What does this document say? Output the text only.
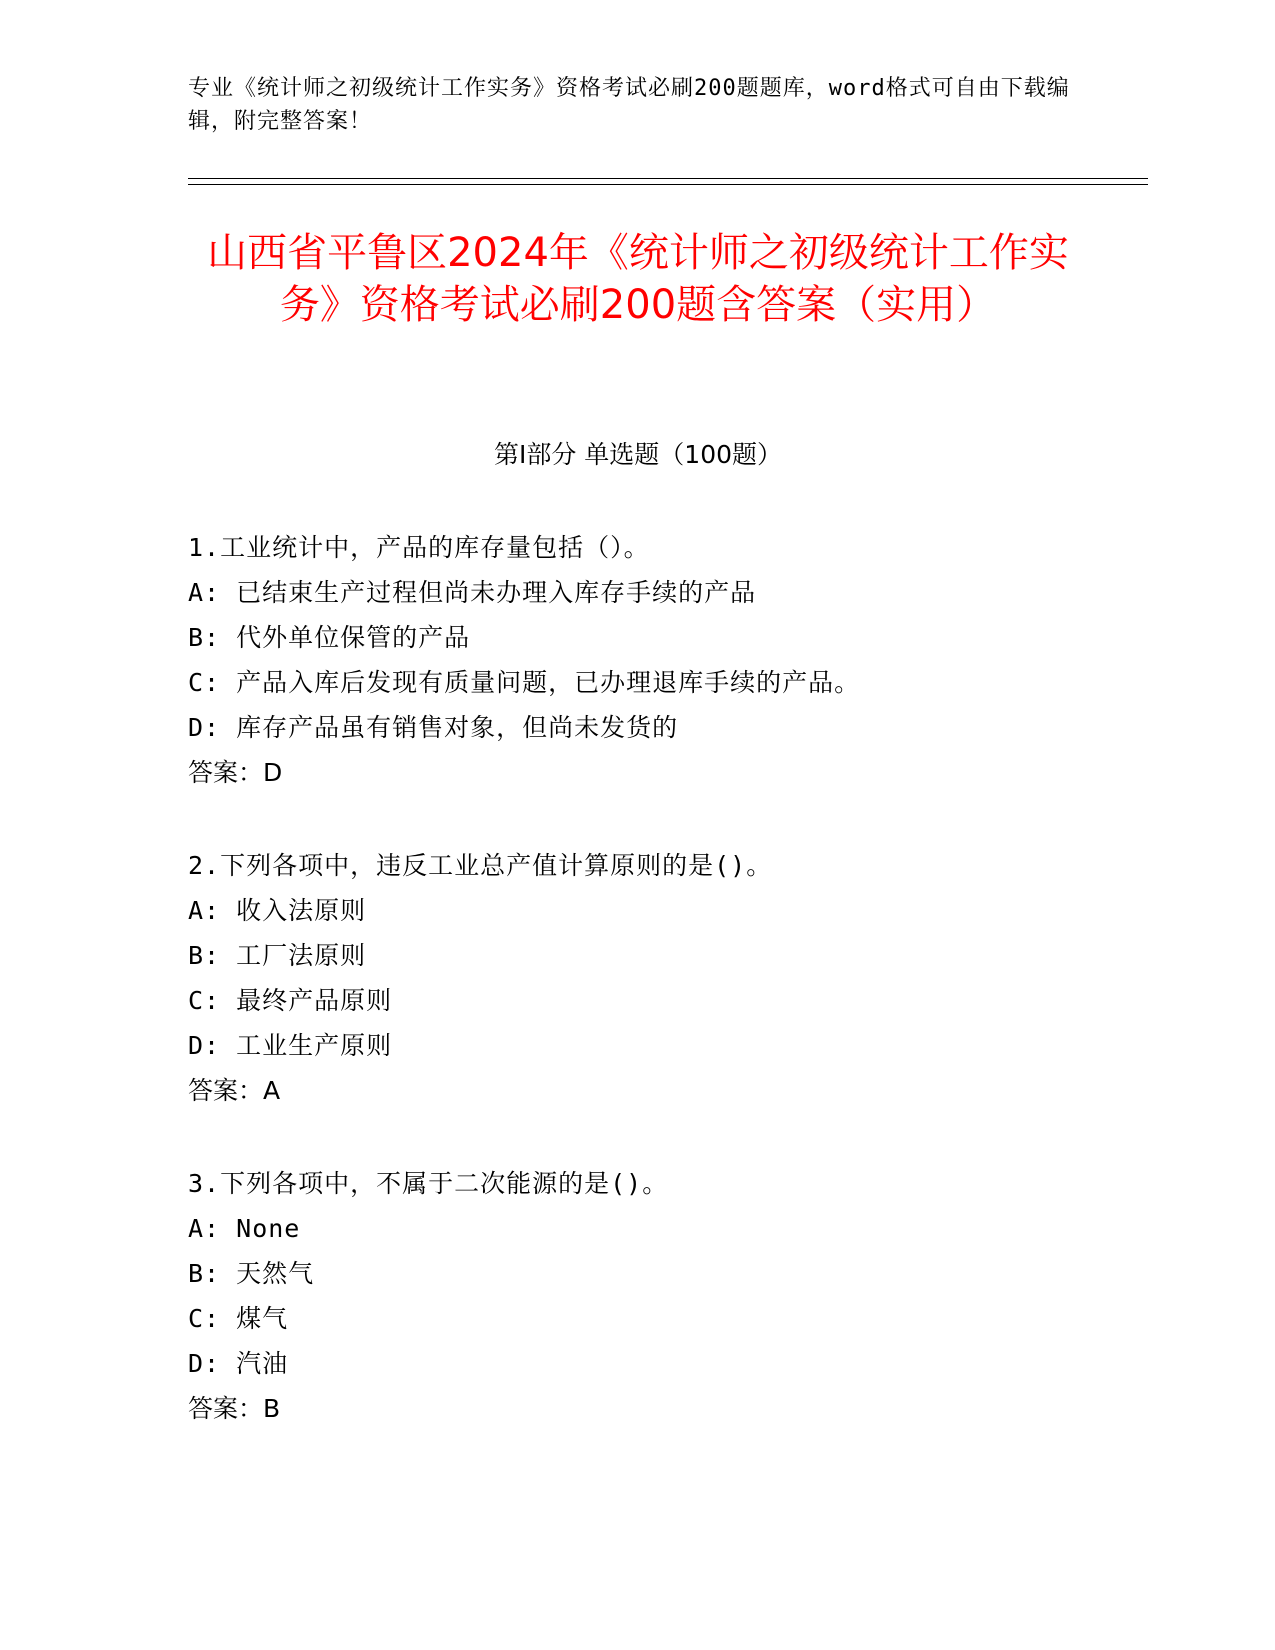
专业《统计师之初级统计工作实务》资格考试必刷200题题库，word格式可自由下载编辑，附完整答案！
山西省平鲁区2024年《统计师之初级统计工作实务》资格考试必刷200题含答案（实用）
第I部分 单选题（100题）
1.工业统计中，产品的库存量包括（）。
A: 已结束生产过程但尚未办理入库存手续的产品
B: 代外单位保管的产品
C: 产品入库后发现有质量问题，已办理退库手续的产品。
D: 库存产品虽有销售对象，但尚未发货的
答案：D
2.下列各项中，违反工业总产值计算原则的是()。
A: 收入法原则
B: 工厂法原则
C: 最终产品原则
D: 工业生产原则
答案：A
3.下列各项中，不属于二次能源的是()。
A: None
B: 天然气
C: 煤气
D: 汽油
答案：B
